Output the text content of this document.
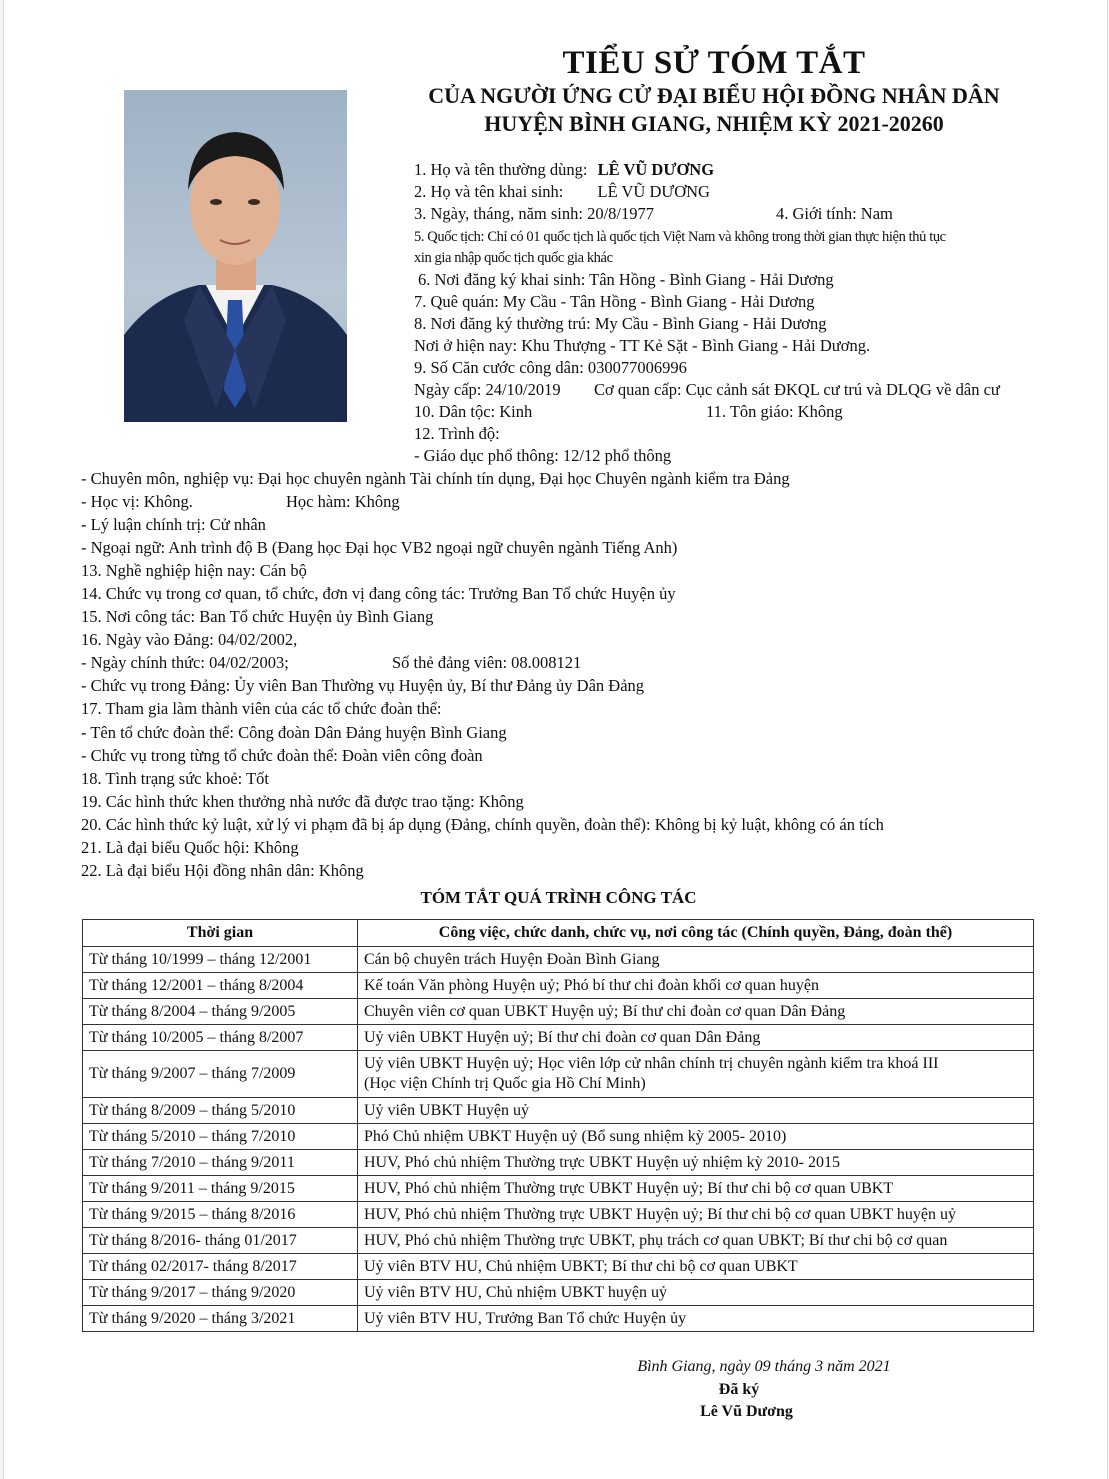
TIỂU SỬ TÓM TẮT
CỦA NGƯỜI ỨNG CỬ ĐẠI BIỂU HỘI ĐỒNG NHÂN DÂN
HUYỆN BÌNH GIANG, NHIỆM KỲ 2021-20260
1. Họ và tên thường dùng: LÊ VŨ DƯƠNG
2. Họ và tên khai sinh: LÊ VŨ DƯƠNG
3. Ngày, tháng, năm sinh: 20/8/1977	4. Giới tính: Nam
5. Quốc tịch: Chỉ có 01 quốc tịch là quốc tịch Việt Nam và không trong thời gian thực hiện thủ tục
xin gia nhập quốc tịch quốc gia khác
6. Nơi đăng ký khai sinh: Tân Hồng - Bình Giang - Hải Dương
7. Quê quán: My Cầu - Tân Hồng - Bình Giang - Hải Dương
8. Nơi đăng ký thường trú: My Cầu - Bình Giang - Hải Dương
Nơi ở hiện nay: Khu Thượng - TT Kẻ Sặt - Bình Giang - Hải Dương.
9. Số Căn cước công dân: 030077006996
Ngày cấp: 24/10/2019 Cơ quan cấp: Cục cảnh sát ĐKQL cư trú và DLQG về dân cư
10. Dân tộc: Kinh	11. Tôn giáo: Không
12. Trình độ:
- Giáo dục phổ thông: 12/12 phổ thông
- Chuyên môn, nghiệp vụ: Đại học chuyên ngành Tài chính tín dụng, Đại học Chuyên ngành kiểm tra Đảng
- Học vị: Không.	Học hàm: Không
- Lý luận chính trị: Cử nhân
- Ngoại ngữ: Anh trình độ B (Đang học Đại học VB2 ngoại ngữ chuyên ngành Tiếng Anh)
13. Nghề nghiệp hiện nay: Cán bộ
14. Chức vụ trong cơ quan, tổ chức, đơn vị đang công tác: Trưởng Ban Tổ chức Huyện ủy
15. Nơi công tác: Ban Tổ chức Huyện ủy Bình Giang
16. Ngày vào Đảng: 04/02/2002,
- Ngày chính thức: 04/02/2003;	Số thẻ đảng viên: 08.008121
- Chức vụ trong Đảng: Ủy viên Ban Thường vụ Huyện ủy, Bí thư Đảng ủy Dân Đảng
17. Tham gia làm thành viên của các tổ chức đoàn thể:
- Tên tổ chức đoàn thể: Công đoàn Dân Đảng huyện Bình Giang
- Chức vụ trong từng tổ chức đoàn thể: Đoàn viên công đoàn
18. Tình trạng sức khoẻ: Tốt
19. Các hình thức khen thưởng nhà nước đã được trao tặng: Không
20. Các hình thức kỷ luật, xử lý vi phạm đã bị áp dụng (Đảng, chính quyền, đoàn thể): Không bị kỷ luật, không có án tích
21. Là đại biểu Quốc hội: Không
22. Là đại biểu Hội đồng nhân dân: Không
TÓM TẮT QUÁ TRÌNH CÔNG TÁC
Thời gian	Công việc, chức danh, chức vụ, nơi công tác (Chính quyền, Đảng, đoàn thể)
Từ tháng 10/1999 – tháng 12/2001	Cán bộ chuyên trách Huyện Đoàn Bình Giang
Từ tháng 12/2001 – tháng 8/2004	Kế toán Văn phòng Huyện uỷ; Phó bí thư chi đoàn khối cơ quan huyện
Từ tháng 8/2004 – tháng 9/2005	Chuyên viên cơ quan UBKT Huyện uỷ; Bí thư chi đoàn cơ quan Dân Đảng
Từ tháng 10/2005 – tháng 8/2007	Uỷ viên UBKT Huyện uỷ; Bí thư chi đoàn cơ quan Dân Đảng
Từ tháng 9/2007 – tháng 7/2009	Uỷ viên UBKT Huyện uỷ; Học viên lớp cử nhân chính trị chuyên ngành kiểm tra khoá III
(Học viện Chính trị Quốc gia Hồ Chí Minh)

Từ tháng 8/2009 – tháng 5/2010	Uỷ viên UBKT Huyện uỷ
Từ tháng 5/2010 – tháng 7/2010	Phó Chủ nhiệm UBKT Huyện uỷ (Bổ sung nhiệm kỳ 2005- 2010)
Từ tháng 7/2010 – tháng 9/2011	HUV, Phó chủ nhiệm Thường trực UBKT Huyện uỷ nhiệm kỳ 2010- 2015
Từ tháng 9/2011 – tháng 9/2015	HUV, Phó chủ nhiệm Thường trực UBKT Huyện uỷ; Bí thư chi bộ cơ quan UBKT
Từ tháng 9/2015 – tháng 8/2016	HUV, Phó chủ nhiệm Thường trực UBKT Huyện uỷ; Bí thư chi bộ cơ quan UBKT huyện uỷ
Từ tháng 8/2016- tháng 01/2017	HUV, Phó chủ nhiệm Thường trực UBKT, phụ trách cơ quan UBKT; Bí thư chi bộ cơ quan
Từ tháng 02/2017- tháng 8/2017	Uỷ viên BTV HU, Chủ nhiệm UBKT; Bí thư chi bộ cơ quan UBKT
Từ tháng 9/2017 – tháng 9/2020	Uỷ viên BTV HU, Chủ nhiệm UBKT huyện uỷ
Từ tháng 9/2020 – tháng 3/2021	Uỷ viên BTV HU, Trưởng Ban Tổ chức Huyện ủy
Bình Giang, ngày 09 tháng 3 năm 2021
Đã ký
Lê Vũ Dương
